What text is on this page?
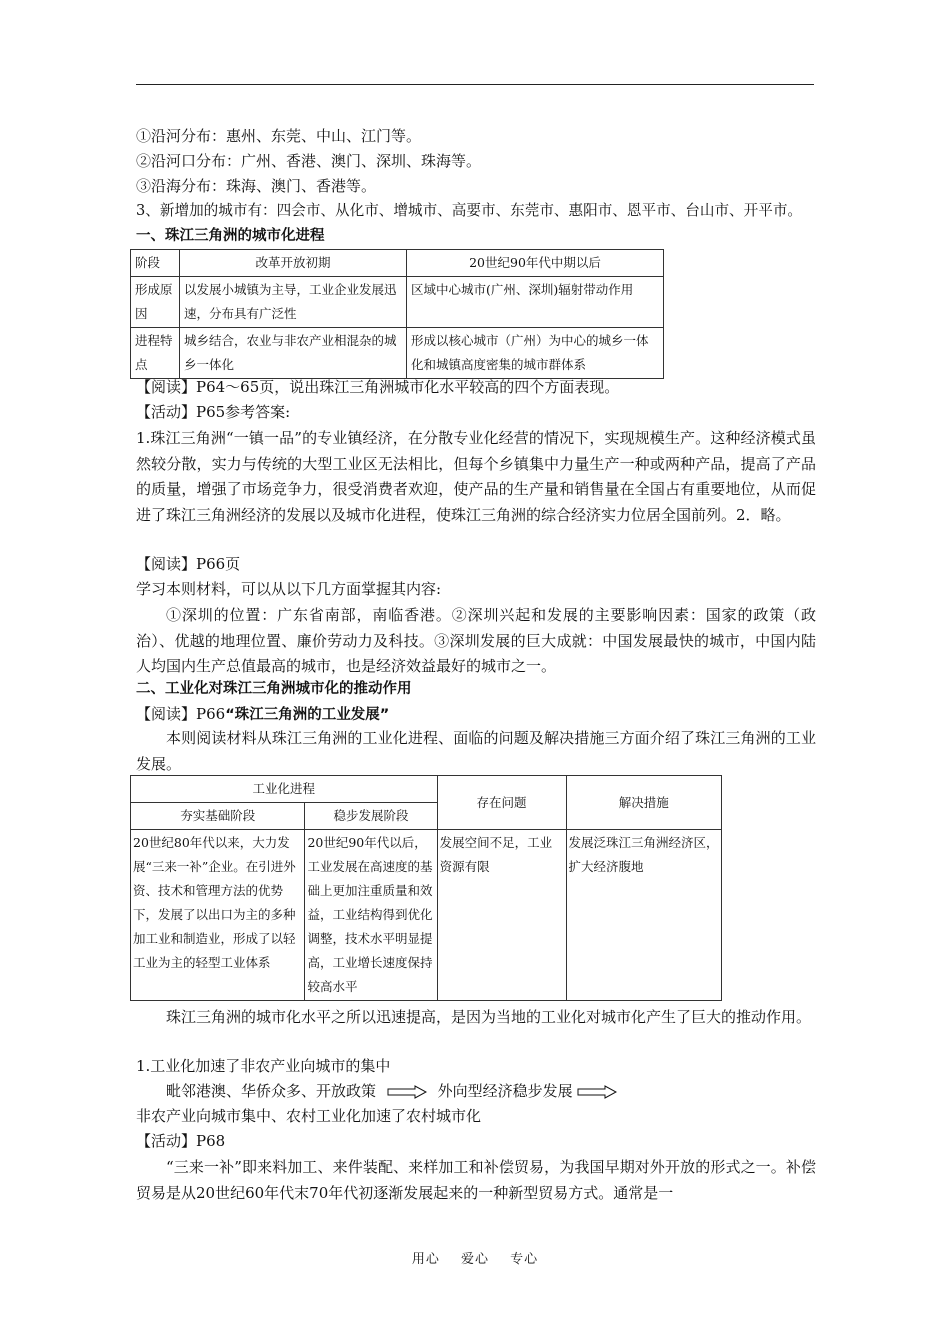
①沿河分布：惠州、东莞、中山、江门等。
②沿河口分布：广州、香港、澳门、深圳、珠海等。
③沿海分布：珠海、澳门、香港等。
3、新增加的城市有：四会市、从化市、增城市、高要市、东莞市、惠阳市、恩平市、台山市、开平市。
一、珠江三角洲的城市化进程
阶段	改革开放初期	20世纪90年代中期以后
形成原因	以发展小城镇为主导，工业企业发展迅速，分布具有广泛性	区域中心城市(广州、深圳)辐射带动作用
进程特点	城乡结合，农业与非农产业相混杂的城乡一体化	形成以核心城市（广州）为中心的城乡一体化和城镇高度密集的城市群体系
【阅读】P64～65页，说出珠江三角洲城市化水平较高的四个方面表现。
【活动】P65参考答案:
1.珠江三角洲“一镇一品”的专业镇经济，在分散专业化经营的情况下，实现规模生产。这种经济模式虽然较分散，实力与传统的大型工业区无法相比，但每个乡镇集中力量生产一种或两种产品，提高了产品的质量，增强了市场竞争力，很受消费者欢迎，使产品的生产量和销售量在全国占有重要地位，从而促进了珠江三角洲经济的发展以及城市化进程，使珠江三角洲的综合经济实力位居全国前列。2．略。
【阅读】P66页
学习本则材料，可以从以下几方面掌握其内容:
①深圳的位置：广东省南部，南临香港。②深圳兴起和发展的主要影响因素：国家的政策（政治）、优越的地理位置、廉价劳动力及科技。③深圳发展的巨大成就：中国发展最快的城市，中国内陆人均国内生产总值最高的城市，也是经济效益最好的城市之一。
二、工业化对珠江三角洲城市化的推动作用
【阅读】P66“珠江三角洲的工业发展”
本则阅读材料从珠江三角洲的工业化进程、面临的问题及解决措施三方面介绍了珠江三角洲的工业发展。
工业化进程		存在问题	解决措施
夯实基础阶段	稳步发展阶段		
20世纪80年代以来，大力发展“三来一补”企业。在引进外资、技术和管理方法的优势下，发展了以出口为主的多种加工业和制造业，形成了以轻工业为主的轻型工业体系	20世纪90年代以后，工业发展在高速度的基础上更加注重质量和效益，工业结构得到优化调整，技术水平明显提高，工业增长速度保持较高水平	发展空间不足，工业资源有限	发展泛珠江三角洲经济区，扩大经济腹地
珠江三角洲的城市化水平之所以迅速提高，是因为当地的工业化对城市化产生了巨大的推动作用。
1.工业化加速了非农产业向城市的集中
毗邻港澳、华侨众多、开放政策	外向型经济稳步发展
非农产业向城市集中、农村工业化加速了农村城市化
【活动】P68
“三来一补”即来料加工、来件装配、来样加工和补偿贸易，为我国早期对外开放的形式之一。补偿贸易是从20世纪60年代末70年代初逐渐发展起来的一种新型贸易方式。通常是一
用心 爱心 专心
